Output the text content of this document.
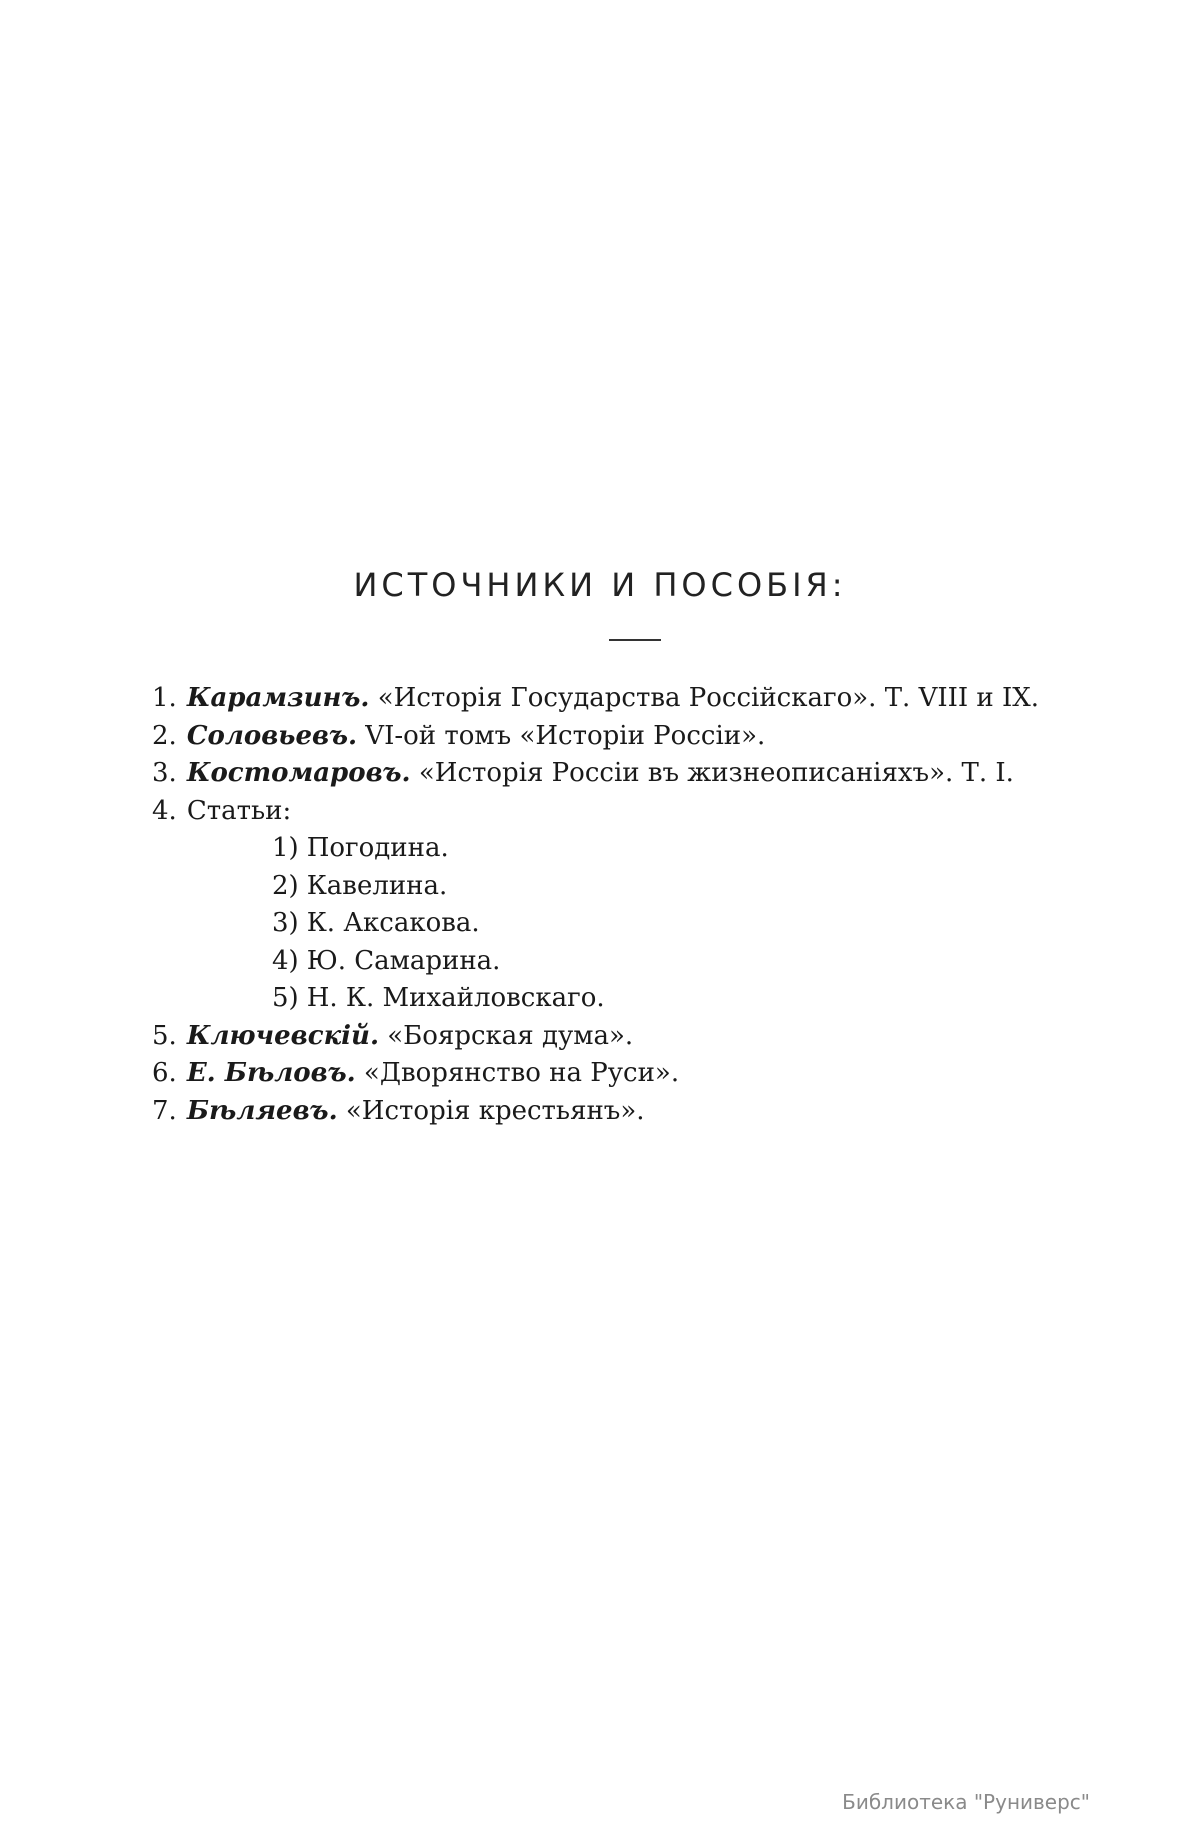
ИСТОЧНИКИ И ПОСОБІЯ:
1. Карамзинъ. «Исторія Государства Россійскаго». Т. VIII и IX.
2. Соловьевъ. VI-ой томъ «Исторіи Россіи».
3. Костомаровъ. «Исторія Россіи въ жизнеописаніяхъ». Т. I.
4. Статьи:
1) Погодина.
2) Кавелина.
3) К. Аксакова.
4) Ю. Самарина.
5) Н. К. Михайловскаго.
5. Ключевскій. «Боярская дума».
6. Е. Бѣловъ. «Дворянство на Руси».
7. Бѣляевъ. «Исторія крестьянъ».
Библиотека "Руниверс"
